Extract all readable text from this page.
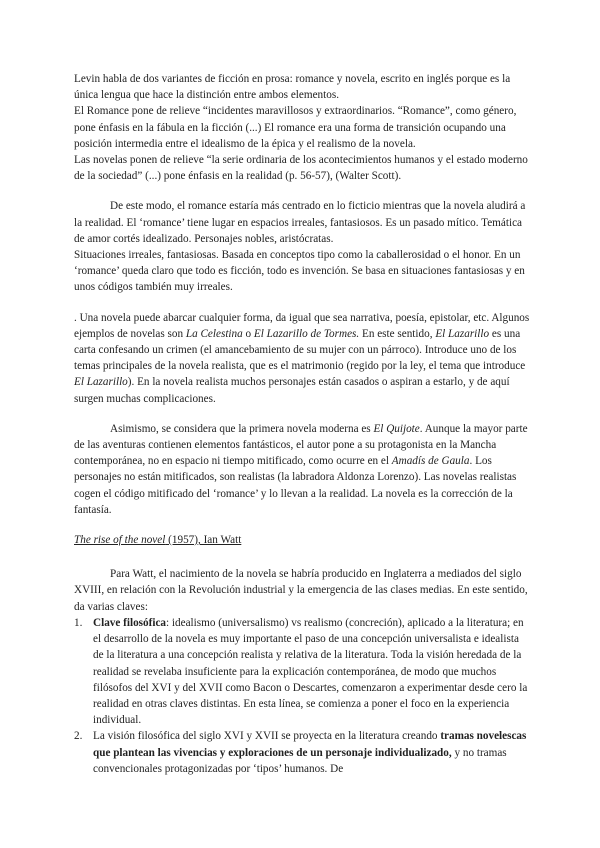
Levin habla de dos variantes de ficción en prosa: romance y novela, escrito en inglés porque es la única lengua que hace la distinción entre ambos elementos.

El Romance pone de relieve “incidentes maravillosos y extraordinarios. “Romance”, como género, pone énfasis en la fábula en la ficción (...) El romance era una forma de transición ocupando una posición intermedia entre el idealismo de la épica y el realismo de la novela.

Las novelas ponen de relieve “la serie ordinaria de los acontecimientos humanos y el estado moderno de la sociedad” (...) pone énfasis en la realidad (p. 56-57), (Walter Scott).

De este modo, el romance estaría más centrado en lo ficticio mientras que la novela aludirá a la realidad. El ‘romance’ tiene lugar en espacios irreales, fantasiosos. Es un pasado mítico. Temática de amor cortés idealizado. Personajes nobles, aristócratas.

Situaciones irreales, fantasiosas. Basada en conceptos tipo como la caballerosidad o el honor. En un ‘romance’ queda claro que todo es ficción, todo es invención. Se basa en situaciones fantasiosas y en unos códigos también muy irreales.

. Una novela puede abarcar cualquier forma, da igual que sea narrativa, poesía, epistolar, etc. Algunos ejemplos de novelas son La Celestina o El Lazarillo de Tormes. En este sentido, El Lazarillo es una carta confesando un crimen (el amancebamiento de su mujer con un párroco). Introduce uno de los temas principales de la novela realista, que es el matrimonio (regido por la ley, el tema que introduce El Lazarillo). En la novela realista muchos personajes están casados o aspiran a estarlo, y de aquí surgen muchas complicaciones.

Asimismo, se considera que la primera novela moderna es El Quijote. Aunque la mayor parte de las aventuras contienen elementos fantásticos, el autor pone a su protagonista en la Mancha contemporánea, no en espacio ni tiempo mitificado, como ocurre en el Amadís de Gaula. Los personajes no están mitificados, son realistas (la labradora Aldonza Lorenzo). Las novelas realistas cogen el código mitificado del ‘romance’ y lo llevan a la realidad. La novela es la corrección de la fantasía.

The rise of the novel (1957), Ian Watt

Para Watt, el nacimiento de la novela se habría producido en Inglaterra a mediados del siglo XVIII, en relación con la Revolución industrial y la emergencia de las clases medias. En este sentido, da varias claves:

1. Clave filosófica: idealismo (universalismo) vs realismo (concreción), aplicado a la literatura; en el desarrollo de la novela es muy importante el paso de una concepción universalista e idealista de la literatura a una concepción realista y relativa de la literatura. Toda la visión heredada de la realidad se revelaba insuficiente para la explicación contemporánea, de modo que muchos filósofos del XVI y del XVII como Bacon o Descartes, comenzaron a experimentar desde cero la realidad en otras claves distintas. En esta línea, se comienza a poner el foco en la experiencia individual.
2. La visión filosófica del siglo XVI y XVII se proyecta en la literatura creando tramas novelescas que plantean las vivencias y exploraciones de un personaje individualizado, y no tramas convencionales protagonizadas por ‘tipos’ humanos. De
